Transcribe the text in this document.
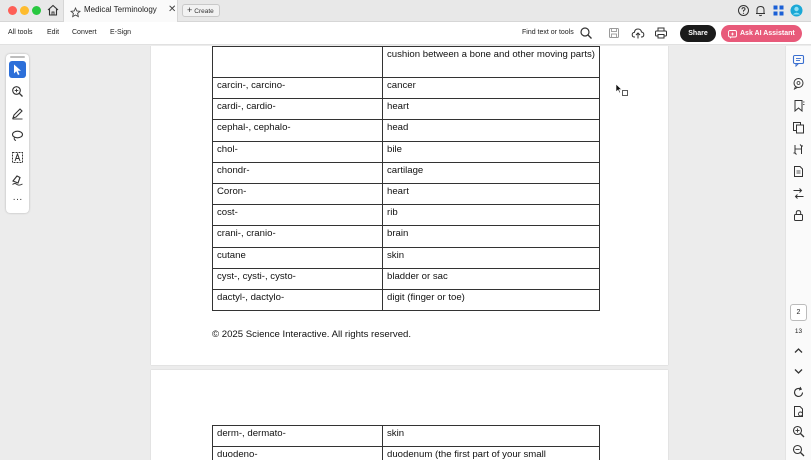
Medical Terminology ✕	+ Create
All tools Edit Convert E-Sign	Find text or tools	Share	Ask AI Assistant
···
	cushion between a bone and other moving parts)
carcin-, carcino-	cancer
cardi-, cardio-	heart
cephal-, cephalo-	head
chol-	bile
chondr-	cartilage
Coron-	heart
cost-	rib
crani-, cranio-	brain
cutane	skin
cyst-, cysti-, cysto-	bladder or sac
dactyl-, dactylo-	digit (finger or toe)
© 2025 Science Interactive. All rights reserved.
derm-, dermato-	skin
duodeno-	duodenum (the first part of your small
2
13
